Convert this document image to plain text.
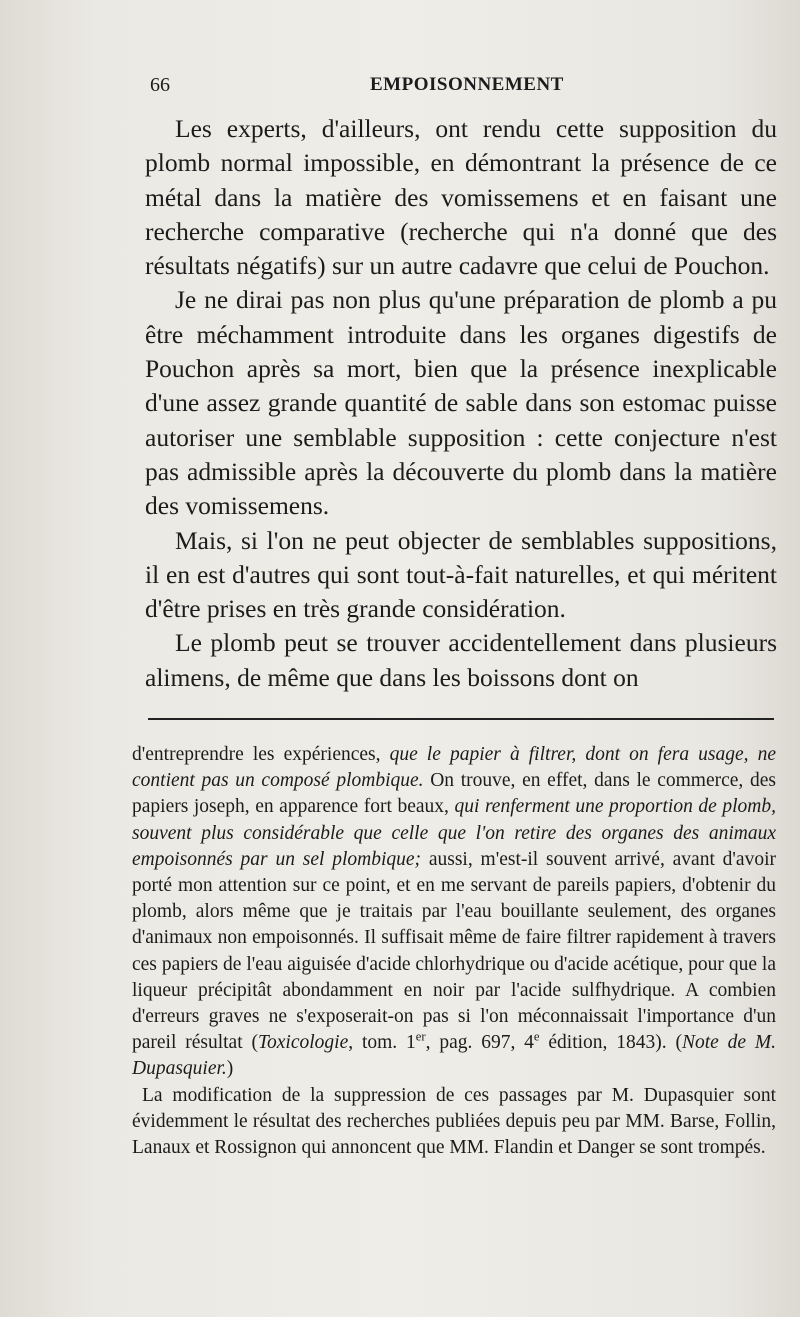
66	EMPOISONNEMENT

Les experts, d'ailleurs, ont rendu cette supposition du plomb normal impossible, en démontrant la présence de ce métal dans la matière des vomissemens et en faisant une recherche comparative (recherche qui n'a donné que des résultats négatifs) sur un autre cadavre que celui de Pouchon.

Je ne dirai pas non plus qu'une préparation de plomb a pu être méchamment introduite dans les organes digestifs de Pouchon après sa mort, bien que la présence inexplicable d'une assez grande quantité de sable dans son estomac puisse autoriser une semblable supposition : cette conjecture n'est pas admissible après la découverte du plomb dans la matière des vomissemens.

Mais, si l'on ne peut objecter de semblables suppositions, il en est d'autres qui sont tout-à-fait naturelles, et qui méritent d'être prises en très grande considération.

Le plomb peut se trouver accidentellement dans plusieurs alimens, de même que dans les boissons dont on

d'entreprendre les expériences, que le papier à filtrer, dont on fera usage, ne contient pas un composé plombique. On trouve, en effet, dans le commerce, des papiers joseph, en apparence fort beaux, qui renferment une proportion de plomb, souvent plus considérable que celle que l'on retire des organes des animaux empoisonnés par un sel plombique; aussi, m'est-il souvent arrivé, avant d'avoir porté mon attention sur ce point, et en me servant de pareils papiers, d'obtenir du plomb, alors même que je traitais par l'eau bouillante seulement, des organes d'animaux non empoisonnés. Il suffisait même de faire filtrer rapidement à travers ces papiers de l'eau aiguisée d'acide chlorhydrique ou d'acide acétique, pour que la liqueur précipitât abondamment en noir par l'acide sulfhydrique. A combien d'erreurs graves ne s'exposerait-on pas si l'on méconnaissait l'importance d'un pareil résultat (Toxicologie, tom. 1er, pag. 697, 4e édition, 1843). (Note de M. Dupasquier.)

La modification de la suppression de ces passages par M. Dupasquier sont évidemment le résultat des recherches publiées depuis peu par MM. Barse, Follin, Lanaux et Rossignon qui annoncent que MM. Flandin et Danger se sont trompés.
